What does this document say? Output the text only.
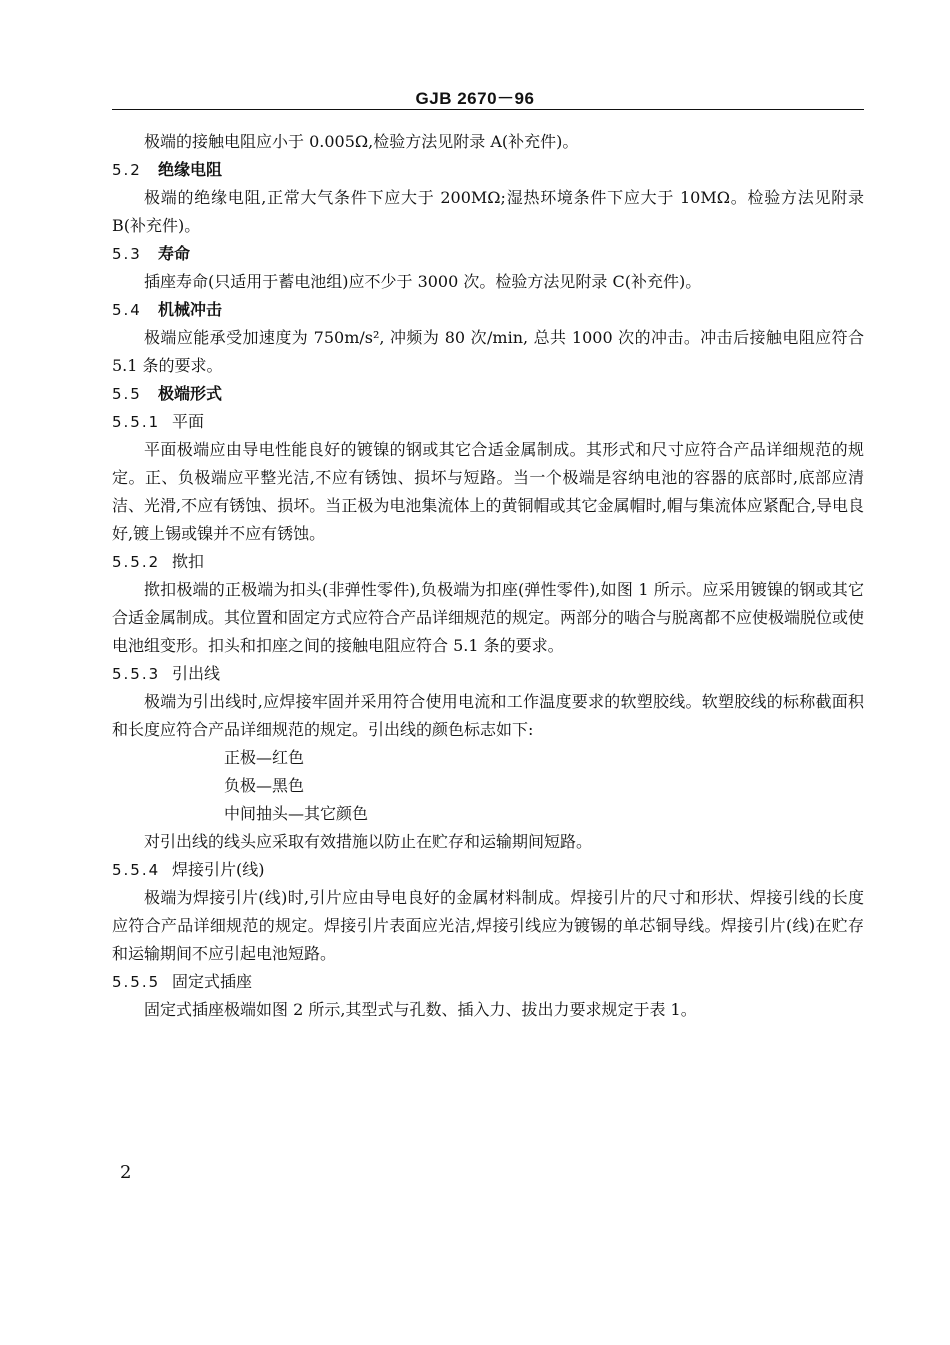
GJB 2670－96
极端的接触电阻应小于 0.005Ω,检验方法见附录 A(补充件)。
5.2 绝缘电阻
极端的绝缘电阻,正常大气条件下应大于 200MΩ;湿热环境条件下应大于 10MΩ。检验方法见附录 B(补充件)。
5.3 寿命
插座寿命(只适用于蓄电池组)应不少于 3000 次。检验方法见附录 C(补充件)。
5.4 机械冲击
极端应能承受加速度为 750m/s², 冲频为 80 次/min, 总共 1000 次的冲击。冲击后接触电阻应符合 5.1 条的要求。
5.5 极端形式
5.5.1 平面
平面极端应由导电性能良好的镀镍的钢或其它合适金属制成。其形式和尺寸应符合产品详细规范的规定。正、负极端应平整光洁,不应有锈蚀、损坏与短路。当一个极端是容纳电池的容器的底部时,底部应清洁、光滑,不应有锈蚀、损坏。当正极为电池集流体上的黄铜帽或其它金属帽时,帽与集流体应紧配合,导电良好,镀上锡或镍并不应有锈蚀。
5.5.2 揿扣
揿扣极端的正极端为扣头(非弹性零件),负极端为扣座(弹性零件),如图 1 所示。应采用镀镍的钢或其它合适金属制成。其位置和固定方式应符合产品详细规范的规定。两部分的啮合与脱离都不应使极端脱位或使电池组变形。扣头和扣座之间的接触电阻应符合 5.1 条的要求。
5.5.3 引出线
极端为引出线时,应焊接牢固并采用符合使用电流和工作温度要求的软塑胶线。软塑胶线的标称截面积和长度应符合产品详细规范的规定。引出线的颜色标志如下:
正极—红色
负极—黑色
中间抽头—其它颜色
对引出线的线头应采取有效措施以防止在贮存和运输期间短路。
5.5.4 焊接引片(线)
极端为焊接引片(线)时,引片应由导电良好的金属材料制成。焊接引片的尺寸和形状、焊接引线的长度应符合产品详细规范的规定。焊接引片表面应光洁,焊接引线应为镀锡的单芯铜导线。焊接引片(线)在贮存和运输期间不应引起电池短路。
5.5.5 固定式插座
固定式插座极端如图 2 所示,其型式与孔数、插入力、拔出力要求规定于表 1。
2
